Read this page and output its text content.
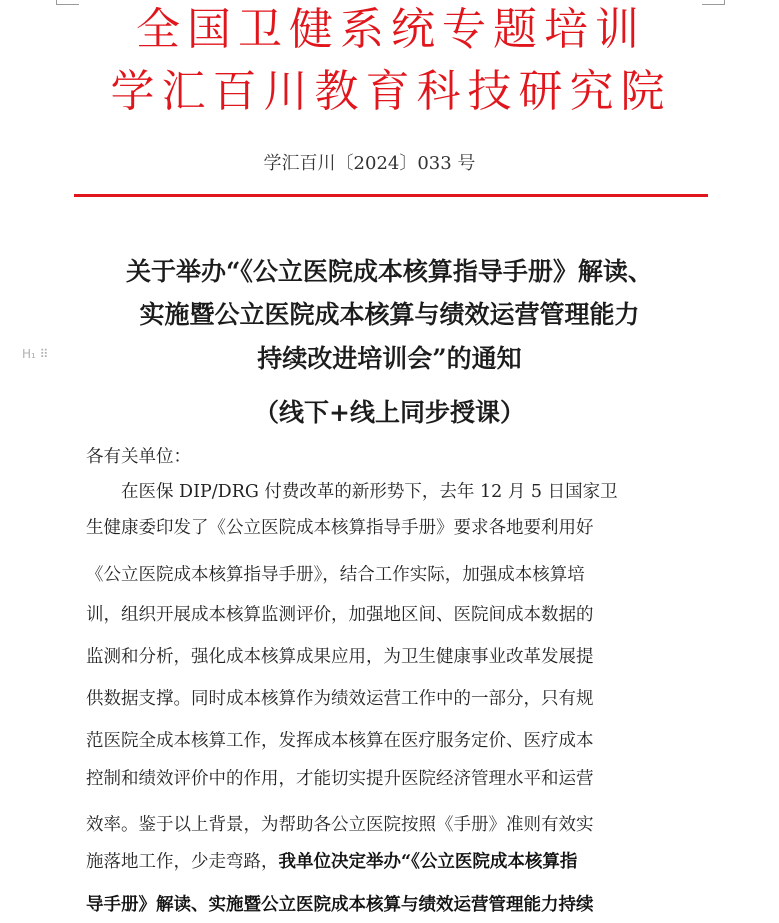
全国卫健系统专题培训
学汇百川教育科技研究院
学汇百川〔2024〕033 号
关于举办“《公立医院成本核算指导手册》解读、
实施暨公立医院成本核算与绩效运营管理能力
持续改进培训会”的通知
H₁ ⠿
（线下+线上同步授课）
各有关单位：
　　在医保 DIP/DRG 付费改革的新形势下，去年 12 月 5 日国家卫
生健康委印发了《公立医院成本核算指导手册》要求各地要利用好
《公立医院成本核算指导手册》，结合工作实际，加强成本核算培
训，组织开展成本核算监测评价，加强地区间、医院间成本数据的
监测和分析，强化成本核算成果应用，为卫生健康事业改革发展提
供数据支撑。同时成本核算作为绩效运营工作中的一部分，只有规
范医院全成本核算工作，发挥成本核算在医疗服务定价、医疗成本
控制和绩效评价中的作用，才能切实提升医院经济管理水平和运营
效率。鉴于以上背景，为帮助各公立医院按照《手册》准则有效实
施落地工作，少走弯路，我单位决定举办“《公立医院成本核算指
导手册》解读、实施暨公立医院成本核算与绩效运营管理能力持续
